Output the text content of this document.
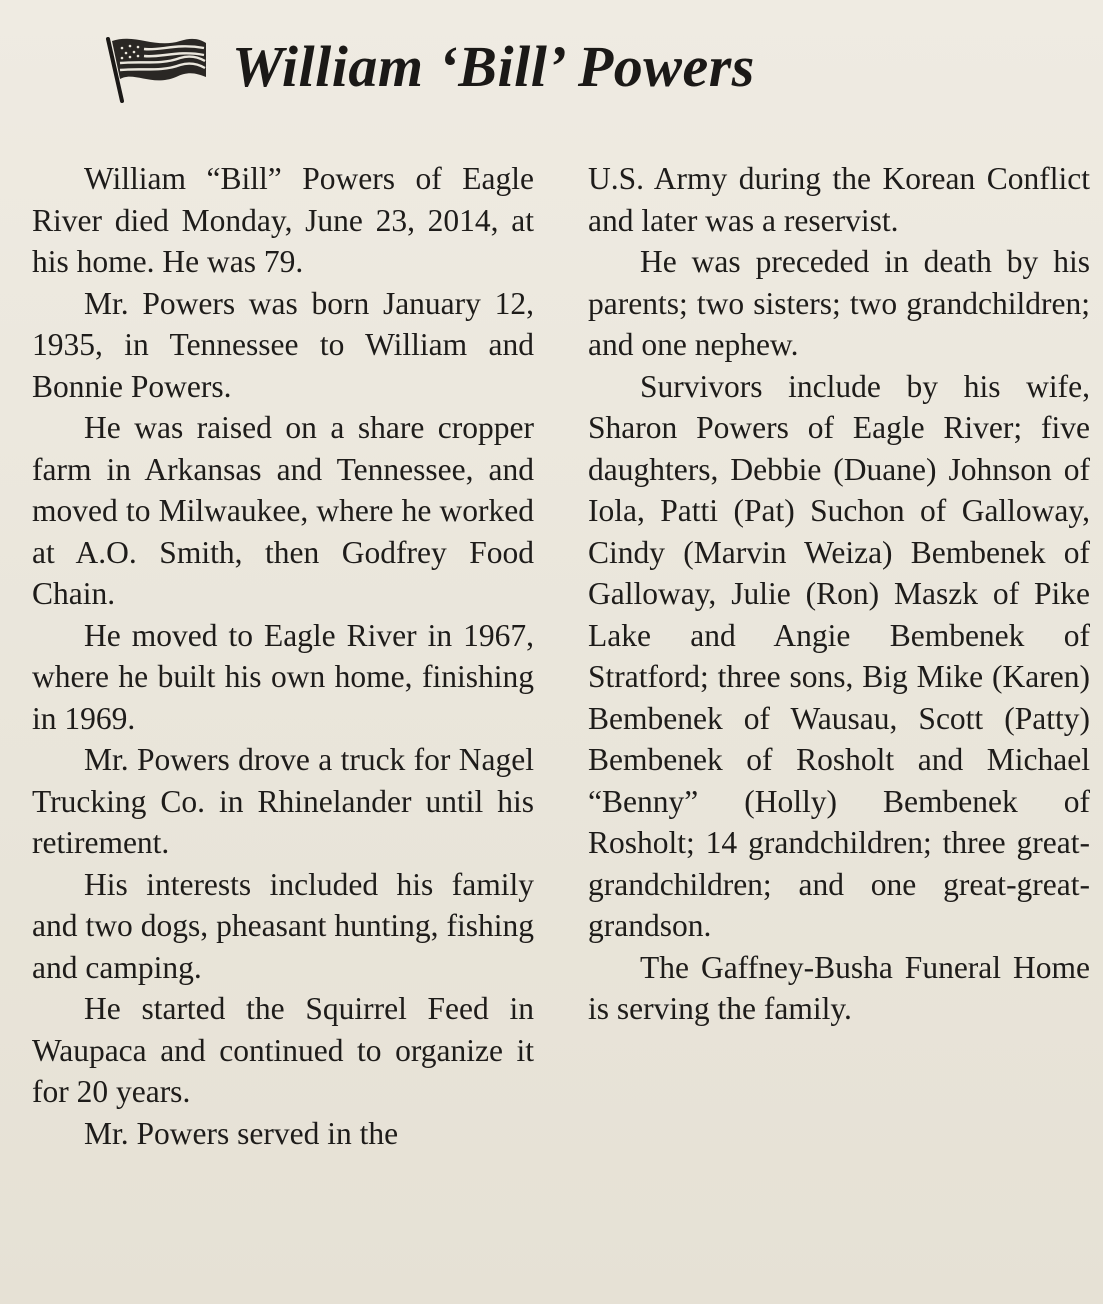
William ‘Bill’ Powers

William “Bill” Powers of Eagle River died Monday, June 23, 2014, at his home. He was 79.

Mr. Powers was born January 12, 1935, in Tennessee to William and Bonnie Powers.

He was raised on a share cropper farm in Arkansas and Tennessee, and moved to Milwaukee, where he worked at A.O. Smith, then Godfrey Food Chain.

He moved to Eagle River in 1967, where he built his own home, finishing in 1969.

Mr. Powers drove a truck for Nagel Trucking Co. in Rhinelander until his retirement.

His interests included his family and two dogs, pheasant hunting, fishing and camping.

He started the Squirrel Feed in Waupaca and continued to organize it for 20 years.

Mr. Powers served in the

U.S. Army during the Korean Conflict and later was a reservist.

He was preceded in death by his parents; two sisters; two grandchildren; and one nephew.

Survivors include by his wife, Sharon Powers of Eagle River; five daughters, Debbie (Duane) Johnson of Iola, Patti (Pat) Suchon of Galloway, Cindy (Marvin Weiza) Bembenek of Galloway, Julie (Ron) Maszk of Pike Lake and Angie Bembenek of Stratford; three sons, Big Mike (Karen) Bembenek of Wausau, Scott (Patty) Bembenek of Rosholt and Michael “Benny” (Holly) Bembenek of Rosholt; 14 grandchildren; three great-grandchildren; and one great-great-grandson.

The Gaffney-Busha Funeral Home is serving the family.
